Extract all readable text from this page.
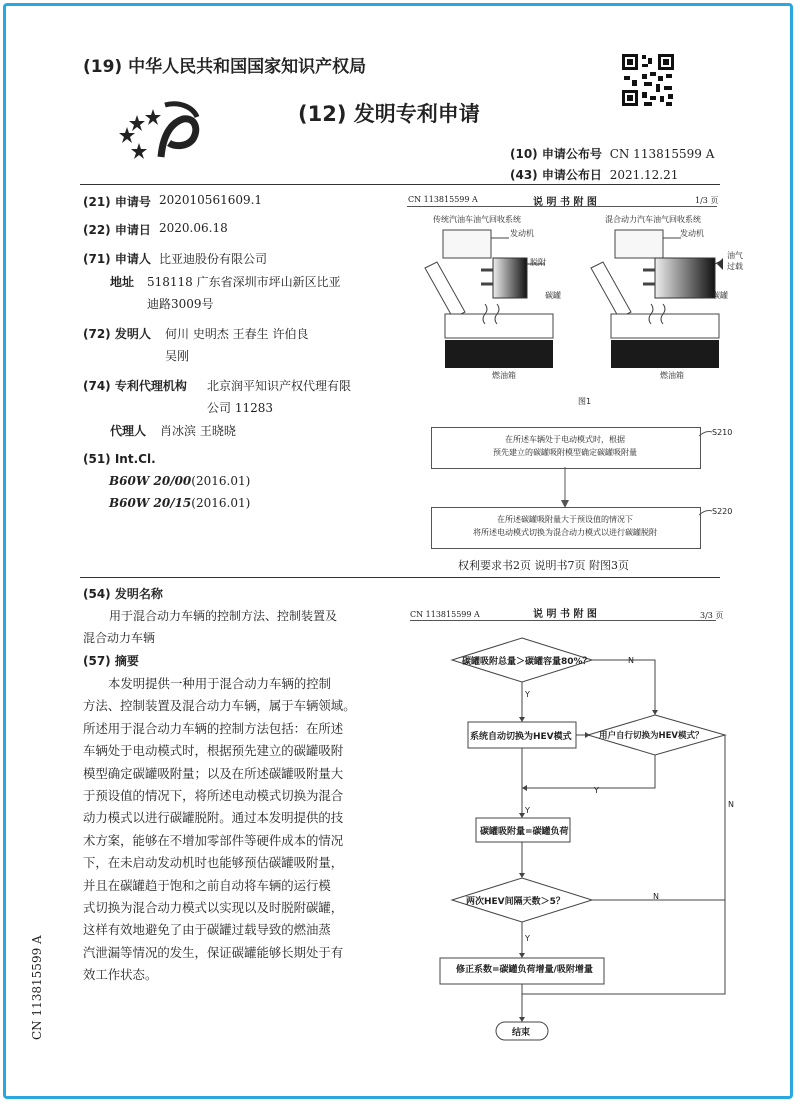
(19) 中华人民共和国国家知识产权局
(12) 发明专利申请
(10) 申请公布号 CN 113815599 A
(43) 申请公布日 2021.12.21
(21) 申请号 202010561609.1
(22) 申请日 2020.06.18
(71) 申请人 比亚迪股份有限公司
地址 518118 广东省深圳市坪山新区比亚
迪路3009号
(72) 发明人 何川 史明杰 王春生 许伯良
吴刚
(74) 专利代理机构 北京润平知识产权代理有限
公司 11283
代理人 肖冰滨 王晓晓
(51) Int.Cl.
B60W 20/00(2016.01)
B60W 20/15(2016.01)
CN 113815599 A	说 明 书 附 图	1/3 页
传统汽油车油气回收系统	混合动力汽车油气回收系统
发动机	发动机
脱附
碳罐	碳罐
油气
过载
燃油箱	燃油箱
图1
在所述车辆处于电动模式时，根据
预先建立的碳罐吸附模型确定碳罐吸附量
S210
在所述碳罐吸附量大于预设值的情况下
将所述电动模式切换为混合动力模式以进行碳罐脱附
S220
权利要求书2页 说明书7页 附图3页
(54) 发明名称
用于混合动力车辆的控制方法、控制装置及
混合动力车辆
(57) 摘要
本发明提供一种用于混合动力车辆的控制
方法、控制装置及混合动力车辆，属于车辆领域。
所述用于混合动力车辆的控制方法包括：在所述
车辆处于电动模式时，根据预先建立的碳罐吸附
模型确定碳罐吸附量；以及在所述碳罐吸附量大
于预设值的情况下，将所述电动模式切换为混合
动力模式以进行碳罐脱附。通过本发明提供的技
术方案，能够在不增加零部件等硬件成本的情况
下，在未启动发动机时也能够预估碳罐吸附量，
并且在碳罐趋于饱和之前自动将车辆的运行模
式切换为混合动力模式以实现以及时脱附碳罐，
这样有效地避免了由于碳罐过载导致的燃油蒸
汽泄漏等情况的发生，保证碳罐能够长期处于有
效工作状态。
CN 113815599 A
CN 113815599 A	说 明 书 附 图	3/3 页
碳罐吸附总量＞碳罐容量80%？
系统自动切换为HEV模式	用户自行切换为HEV模式？
碳罐吸附量=碳罐负荷
两次HEV间隔天数＞5？
修正系数=碳罐负荷增量/吸附增量
结束
N
Y
N
Y
Y
N
Y
